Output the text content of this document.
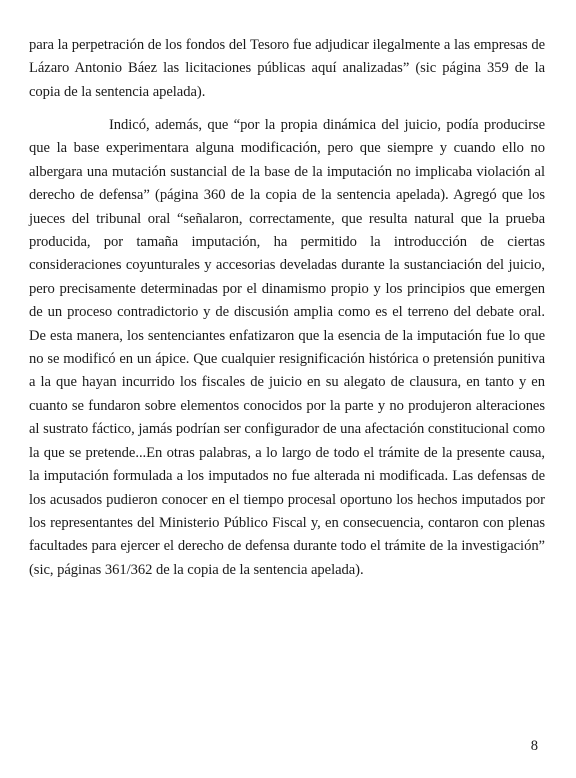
para la perpetración de los fondos del Tesoro fue adjudicar ilegalmente a las empresas de Lázaro Antonio Báez las licitaciones públicas aquí analizadas” (sic página 359 de la copia de la sentencia apelada).
Indicó, además, que “por la propia dinámica del juicio, podía producirse que la base experimentara alguna modificación, pero que siempre y cuando ello no albergara una mutación sustancial de la base de la imputación no implicaba violación al derecho de defensa” (página 360 de la copia de la sentencia apelada). Agregó que los jueces del tribunal oral “señalaron, correctamente, que resulta natural que la prueba producida, por tamaña imputación, ha permitido la introducción de ciertas consideraciones coyunturales y accesorias develadas durante la sustanciación del juicio, pero precisamente determinadas por el dinamismo propio y los principios que emergen de un proceso contradictorio y de discusión amplia como es el terreno del debate oral. De esta manera, los sentenciantes enfatizaron que la esencia de la imputación fue lo que no se modificó en un ápice. Que cualquier resignificación histórica o pretensión punitiva a la que hayan incurrido los fiscales de juicio en su alegato de clausura, en tanto y en cuanto se fundaron sobre elementos conocidos por la parte y no produjeron alteraciones al sustrato fáctico, jamás podrían ser configurador de una afectación constitucional como la que se pretende...En otras palabras, a lo largo de todo el trámite de la presente causa, la imputación formulada a los imputados no fue alterada ni modificada. Las defensas de los acusados pudieron conocer en el tiempo procesal oportuno los hechos imputados por los representantes del Ministerio Público Fiscal y, en consecuencia, contaron con plenas facultades para ejercer el derecho de defensa durante todo el trámite de la investigación” (sic, páginas 361/362 de la copia de la sentencia apelada).
8
